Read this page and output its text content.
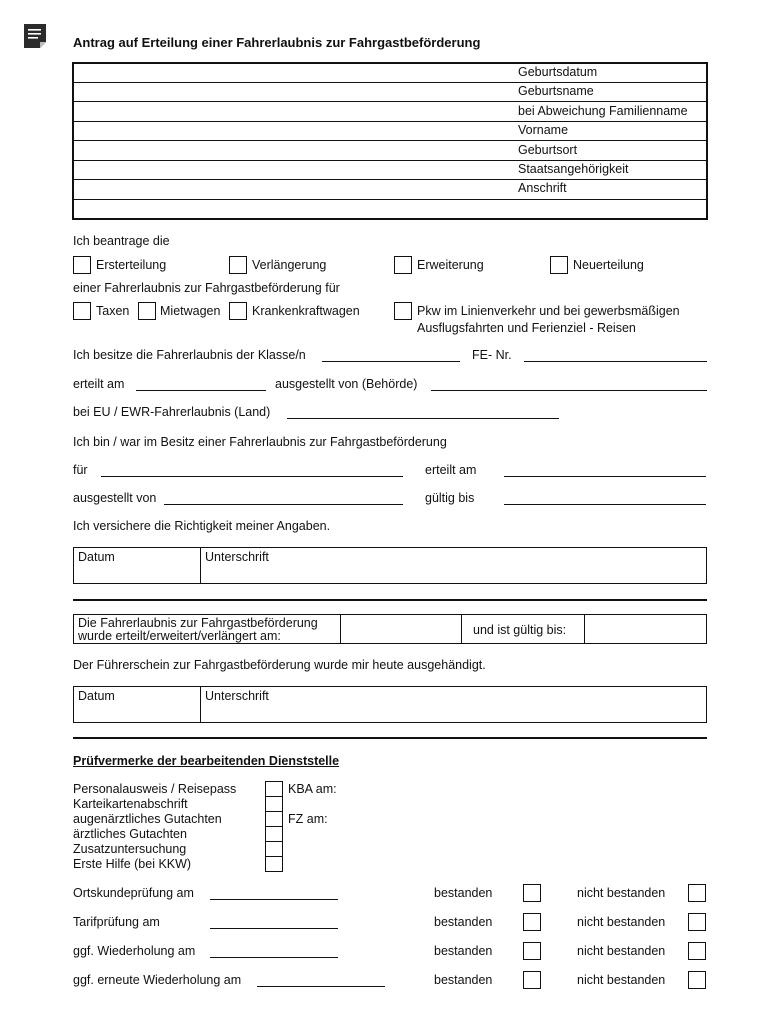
Antrag auf Erteilung einer Fahrerlaubnis zur Fahrgastbeförderung
Geburtsdatum
Geburtsname
bei Abweichung Familienname
Vorname
Geburtsort
Staatsangehörigkeit
Anschrift
Ich beantrage die
Ersterteilung	Verlängerung	Erweiterung	Neuerteilung
einer Fahrerlaubnis zur Fahrgastbeförderung für
Taxen Mietwagen	Krankenkraftwagen	Pkw im Linienverkehr und bei gewerbsmäßigen
Ausflugsfahrten und Ferienziel - Reisen
Ich besitze die Fahrerlaubnis der Klasse/n	FE- Nr.
erteilt am	ausgestellt von (Behörde)
bei EU / EWR-Fahrerlaubnis (Land)
Ich bin / war im Besitz einer Fahrerlaubnis zur Fahrgastbeförderung
für	erteilt am
ausgestellt von	gültig bis
Ich versichere die Richtigkeit meiner Angaben.
Datum	Unterschrift
Die Fahrerlaubnis zur Fahrgastbeförderung
wurde erteilt/erweitert/verlängert am:	und ist gültig bis:
Der Führerschein zur Fahrgastbeförderung wurde mir heute ausgehändigt.
Datum	Unterschrift
Prüfvermerke der bearbeitenden Dienststelle
Personalausweis / Reisepass
Karteikartenabschrift
augenärztliches Gutachten
ärztliches Gutachten
Zusatzuntersuchung
Erste Hilfe (bei KKW)
KBA am:
FZ am:
Ortskundeprüfung am	bestanden	nicht bestanden
Tarifprüfung am	bestanden	nicht bestanden
ggf. Wiederholung am	bestanden	nicht bestanden
ggf. erneute Wiederholung am	bestanden	nicht bestanden
